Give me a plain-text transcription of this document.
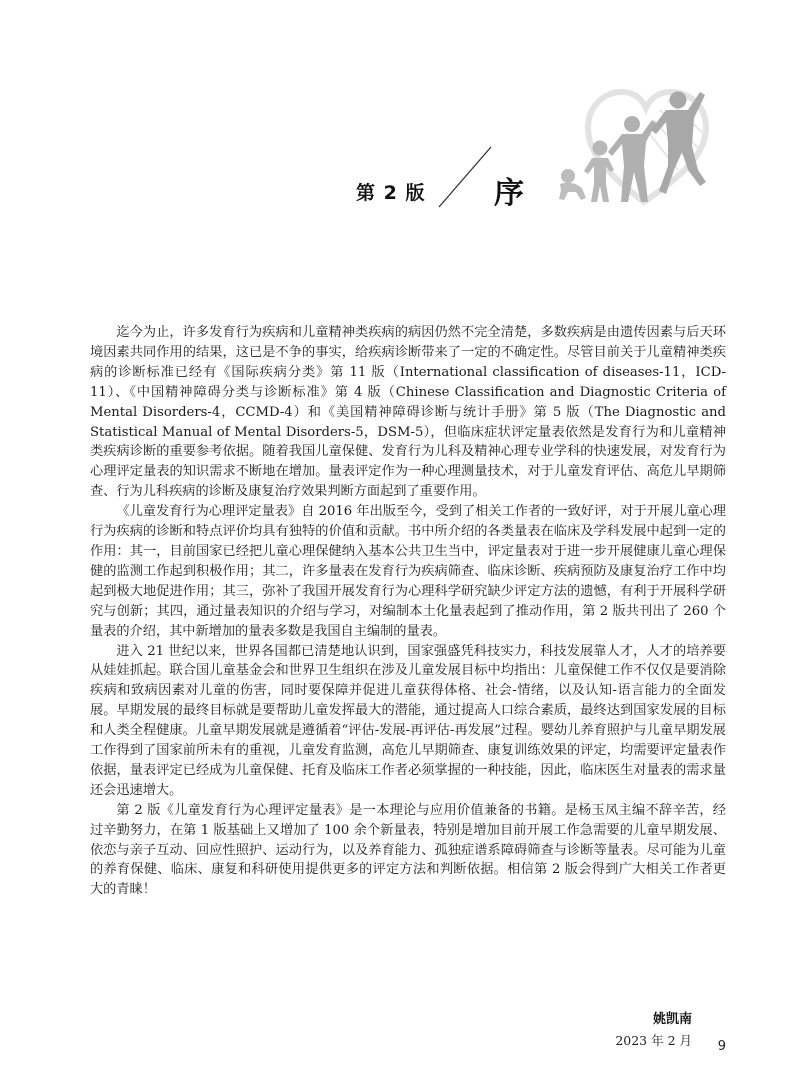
第 2 版 序

迄今为止，许多发育行为疾病和儿童精神类疾病的病因仍然不完全清楚，多数疾病是由遗传因素与后天环境因素共同作用的结果，这已是不争的事实，给疾病诊断带来了一定的不确定性。尽管目前关于儿童精神类疾病的诊断标准已经有《国际疾病分类》第 11 版（International classification of diseases-11，ICD-11）、《中国精神障碍分类与诊断标准》第 4 版（Chinese Classification and Diagnostic Criteria of Mental Disorders-4，CCMD-4）和《美国精神障碍诊断与统计手册》第 5 版（The Diagnostic and Statistical Manual of Mental Disorders-5，DSM-5），但临床症状评定量表依然是发育行为和儿童精神类疾病诊断的重要参考依据。随着我国儿童保健、发育行为儿科及精神心理专业学科的快速发展，对发育行为心理评定量表的知识需求不断地在增加。量表评定作为一种心理测量技术，对于儿童发育评估、高危儿早期筛查、行为儿科疾病的诊断及康复治疗效果判断方面起到了重要作用。

《儿童发育行为心理评定量表》自 2016 年出版至今，受到了相关工作者的一致好评，对于开展儿童心理行为疾病的诊断和特点评价均具有独特的价值和贡献。书中所介绍的各类量表在临床及学科发展中起到一定的作用：其一，目前国家已经把儿童心理保健纳入基本公共卫生当中，评定量表对于进一步开展健康儿童心理保健的监测工作起到积极作用；其二，许多量表在发育行为疾病筛查、临床诊断、疾病预防及康复治疗工作中均起到极大地促进作用；其三，弥补了我国开展发育行为心理科学研究缺少评定方法的遗憾，有利于开展科学研究与创新；其四，通过量表知识的介绍与学习，对编制本土化量表起到了推动作用，第 2 版共刊出了 260 个量表的介绍，其中新增加的量表多数是我国自主编制的量表。

进入 21 世纪以来，世界各国都已清楚地认识到，国家强盛凭科技实力，科技发展靠人才，人才的培养要从娃娃抓起。联合国儿童基金会和世界卫生组织在涉及儿童发展目标中均指出：儿童保健工作不仅仅是要消除疾病和致病因素对儿童的伤害，同时要保障并促进儿童获得体格、社会-情绪，以及认知-语言能力的全面发展。早期发展的最终目标就是要帮助儿童发挥最大的潜能，通过提高人口综合素质，最终达到国家发展的目标和人类全程健康。儿童早期发展就是遵循着“评估-发展-再评估-再发展”过程。婴幼儿养育照护与儿童早期发展工作得到了国家前所未有的重视，儿童发育监测，高危儿早期筛查、康复训练效果的评定，均需要评定量表作依据，量表评定已经成为儿童保健、托育及临床工作者必须掌握的一种技能，因此，临床医生对量表的需求量还会迅速增大。

第 2 版《儿童发育行为心理评定量表》是一本理论与应用价值兼备的书籍。是杨玉凤主编不辞辛苦，经过辛勤努力，在第 1 版基础上又增加了 100 余个新量表，特别是增加目前开展工作急需要的儿童早期发展、依恋与亲子互动、回应性照护、运动行为，以及养育能力、孤独症谱系障碍筛查与诊断等量表。尽可能为儿童的养育保健、临床、康复和科研使用提供更多的评定方法和判断依据。相信第 2 版会得到广大相关工作者更大的青睐！

姚凯南
2023 年 2 月 9
